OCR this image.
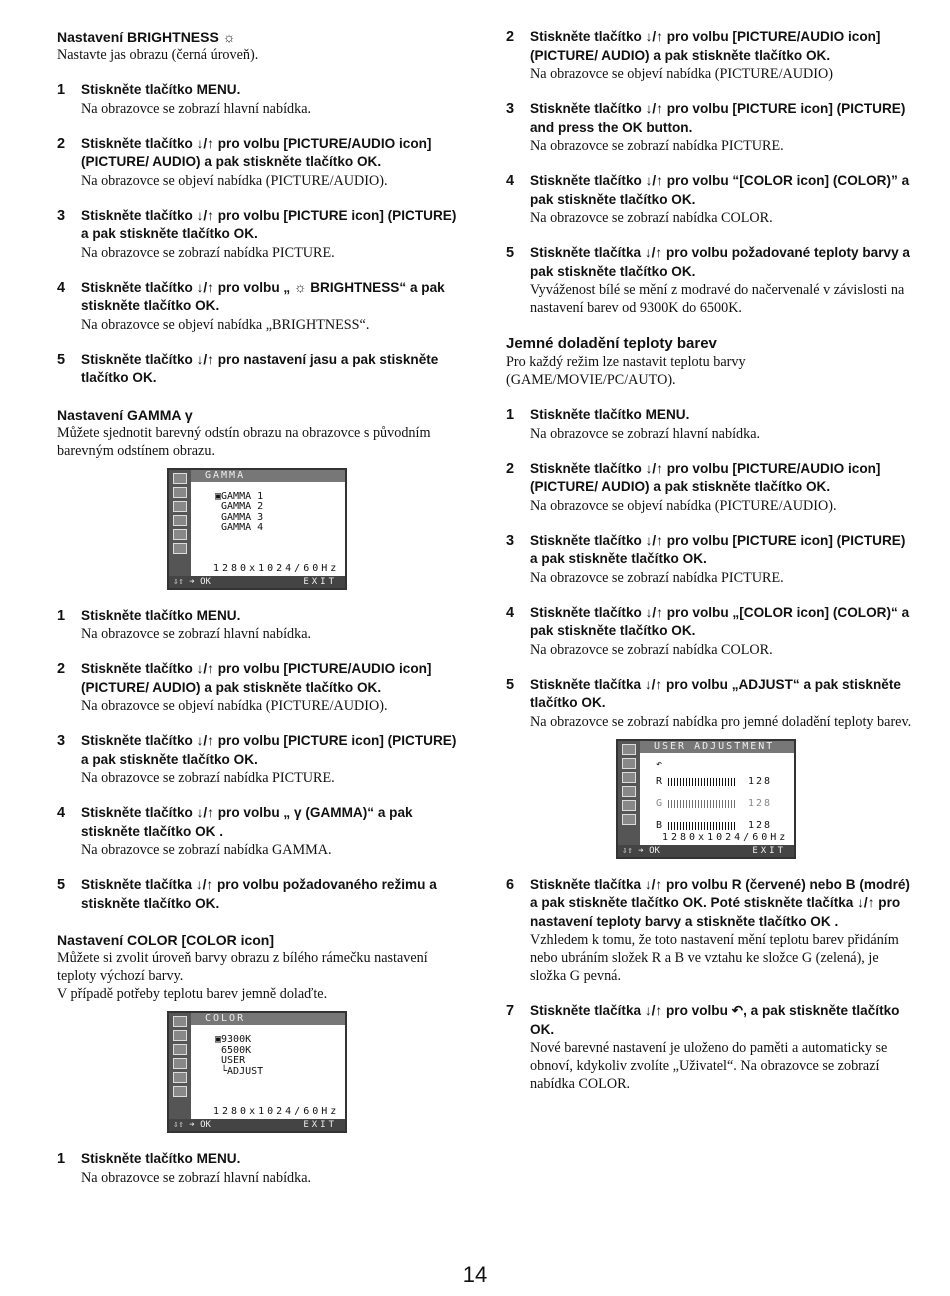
Nastavení BRIGHTNESS ☼
Nastavte jas obrazu (černá úroveň).
1 Stiskněte tlačítko MENU.
Na obrazovce se zobrazí hlavní nabídka.
2 Stiskněte tlačítko ↓/↑ pro volbu [PICTURE/AUDIO icon] (PICTURE/ AUDIO) a pak stiskněte tlačítko OK.
Na obrazovce se objeví nabídka (PICTURE/AUDIO).
3 Stiskněte tlačítko ↓/↑ pro volbu [PICTURE icon] (PICTURE) a pak stiskněte tlačítko OK.
Na obrazovce se zobrazí nabídka PICTURE.
4 Stiskněte tlačítko ↓/↑ pro volbu „ ☼ BRIGHTNESS“ a pak stiskněte tlačítko OK.
Na obrazovce se objeví nabídka „BRIGHTNESS“.
5 Stiskněte tlačítko ↓/↑ pro nastavení jasu a pak stiskněte tlačítko OK.
Nastavení GAMMA γ
Můžete sjednotit barevný odstín obrazu na obrazovce s původním barevným odstínem obrazu.
GAMMA
▣GAMMA 1
GAMMA 2
GAMMA 3
GAMMA 4
1280x1024/60Hz
⇩⇧ ➔ OK	EXIT
1 Stiskněte tlačítko MENU.
Na obrazovce se zobrazí hlavní nabídka.
2 Stiskněte tlačítko ↓/↑ pro volbu [PICTURE/AUDIO icon] (PICTURE/ AUDIO) a pak stiskněte tlačítko OK.
Na obrazovce se objeví nabídka (PICTURE/AUDIO).
3 Stiskněte tlačítko ↓/↑ pro volbu [PICTURE icon] (PICTURE) a pak stiskněte tlačítko OK.
Na obrazovce se zobrazí nabídka PICTURE.
4 Stiskněte tlačítko ↓/↑ pro volbu „ γ (GAMMA)“ a pak stiskněte tlačítko OK .
Na obrazovce se zobrazí nabídka GAMMA.
5 Stiskněte tlačítka ↓/↑ pro volbu požadovaného režimu a stiskněte tlačítko OK.
Nastavení COLOR [COLOR icon]
Můžete si zvolit úroveň barvy obrazu z bílého rámečku nastavení teploty výchozí barvy.
V případě potřeby teplotu barev jemně dolaďte.
COLOR
▣9300K
6500K
USER
└ADJUST
1280x1024/60Hz
⇩⇧ ➔ OK	EXIT
1 Stiskněte tlačítko MENU.
Na obrazovce se zobrazí hlavní nabídka.
2 Stiskněte tlačítko ↓/↑ pro volbu [PICTURE/AUDIO icon] (PICTURE/ AUDIO) a pak stiskněte tlačítko OK.
Na obrazovce se objeví nabídka (PICTURE/AUDIO)
3 Stiskněte tlačítko ↓/↑ pro volbu [PICTURE icon] (PICTURE) and press the OK button.
Na obrazovce se zobrazí nabídka PICTURE.
4 Stiskněte tlačítko ↓/↑ pro volbu “[COLOR icon] (COLOR)” a pak stiskněte tlačítko OK.
Na obrazovce se zobrazí nabídka COLOR.
5 Stiskněte tlačítka ↓/↑ pro volbu požadované teploty barvy a pak stiskněte tlačítko OK.
Vyváženost bílé se mění z modravé do načervenalé v závislosti na nastavení barev od 9300K do 6500K.
Jemné doladění teploty barev
Pro každý režim lze nastavit teplotu barvy (GAME/MOVIE/PC/AUTO).
1 Stiskněte tlačítko MENU.
Na obrazovce se zobrazí hlavní nabídka.
2 Stiskněte tlačítko ↓/↑ pro volbu [PICTURE/AUDIO icon] (PICTURE/ AUDIO) a pak stiskněte tlačítko OK.
Na obrazovce se objeví nabídka (PICTURE/AUDIO).
3 Stiskněte tlačítko ↓/↑ pro volbu [PICTURE icon] (PICTURE) a pak stiskněte tlačítko OK.
Na obrazovce se zobrazí nabídka PICTURE.
4 Stiskněte tlačítko ↓/↑ pro volbu „[COLOR icon] (COLOR)“ a pak stiskněte tlačítko OK.
Na obrazovce se zobrazí nabídka COLOR.
5 Stiskněte tlačítka ↓/↑ pro volbu „ADJUST“ a pak stiskněte tlačítko OK.
Na obrazovce se zobrazí nabídka pro jemné doladění teploty barev.
USER ADJUSTMENT
↶
R	128
G	128
B	128
1280x1024/60Hz
⇩⇧ ➔ OK	EXIT
6 Stiskněte tlačítka ↓/↑ pro volbu R (červené) nebo B (modré) a pak stiskněte tlačítko OK. Poté stiskněte tlačítka ↓/↑ pro nastavení teploty barvy a stiskněte tlačítko OK .
Vzhledem k tomu, že toto nastavení mění teplotu barev přidáním nebo ubráním složek R a B ve vztahu ke složce G (zelená), je složka G pevná.
7 Stiskněte tlačítka ↓/↑ pro volbu ↶, a pak stiskněte tlačítko OK.
Nové barevné nastavení je uloženo do paměti a automaticky se obnoví, kdykoliv zvolíte „Uživatel“. Na obrazovce se zobrazí nabídka COLOR.
14
